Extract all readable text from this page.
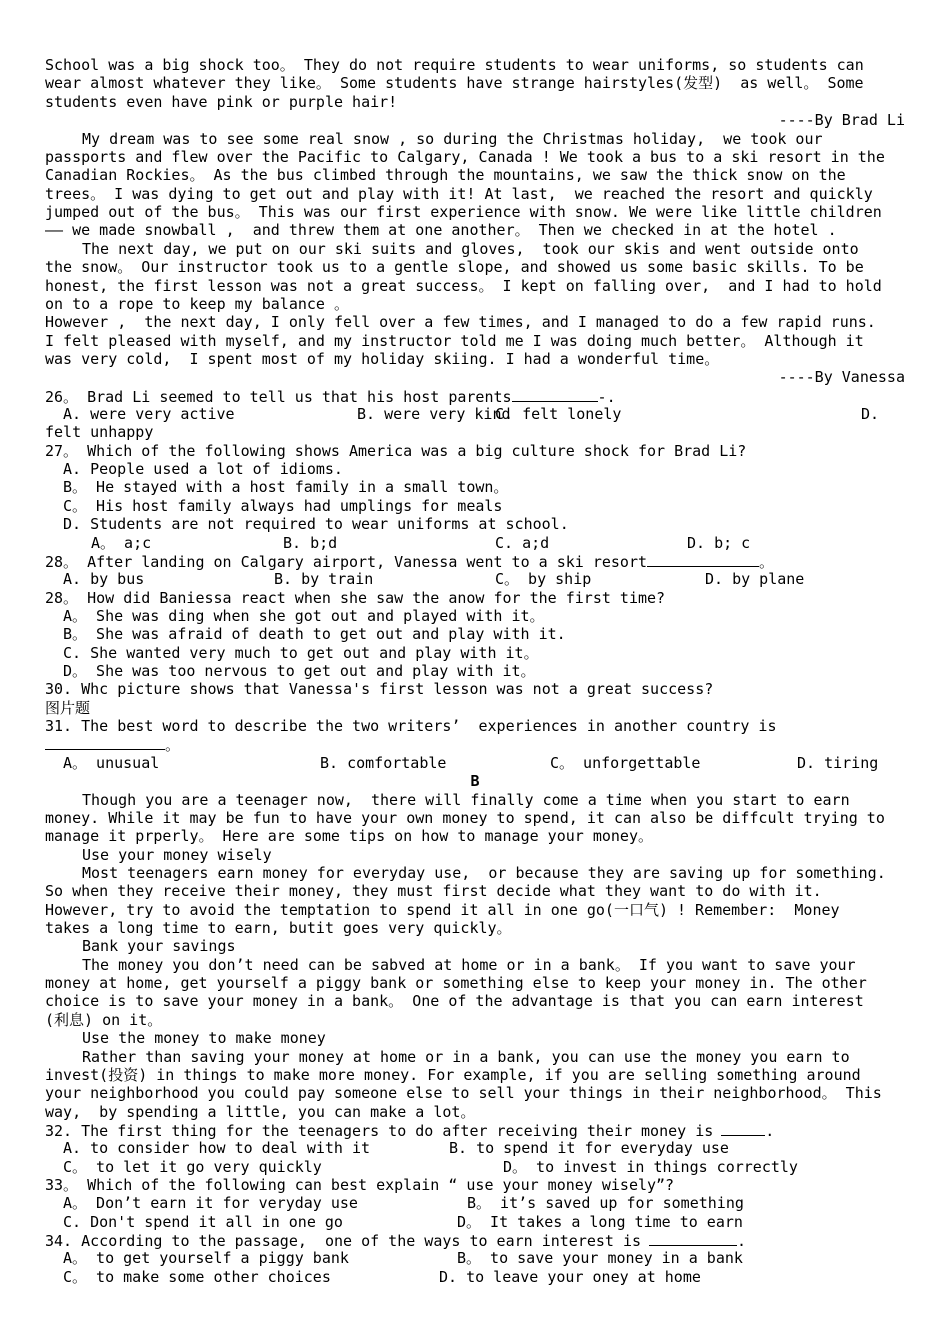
School was a big shock too。 They do not require students to wear uniforms, so students can
wear almost whatever they like。 Some students have strange hairstyles(发型)  as well。 Some
students even have pink or purple hair!
----By Brad Li
My dream was to see some real snow , so during the Christmas holiday,  we took our
passports and flew over the Pacific to Calgary, Canada ! We took a bus to a ski resort in the
Canadian Rockies。 As the bus climbed through the mountains, we saw the thick snow on the
trees。 I was dying to get out and play with it! At last,  we reached the resort and quickly
jumped out of the bus。 This was our first experience with snow. We were like little children
—— we made snowball ,  and threw them at one another。 Then we checked in at the hotel .
The next day, we put on our ski suits and gloves,  took our skis and went outside onto
the snow。 Our instructor took us to a gentle slope, and showed us some basic skills. To be
honest, the first lesson was not a great success。 I kept on falling over,  and I had to hold
on to a rope to keep my balance 。
However ,  the next day, I only fell over a few times, and I managed to do a few rapid runs.
I felt pleased with myself, and my instructor told me I was doing much better。 Although it
was very cold,  I spent most of my holiday skiing. I had a wonderful time。
----By Vanessa
26。 Brad Li seemed to tell us that his host parents	-.
A. were very active	B. were very kind
C. felt lonely	D.
felt unhappy
27。 Which of the following shows America was a big culture shock for Brad Li?
A. People used a lot of idioms.
B。 He stayed with a host family in a small town。
C。 His host family always had umplings for meals
D. Students are not required to wear uniforms at school.
A。 a;c	B. b;d	C. a;d	D. b; c
28。 After landing on Calgary airport, Vanessa went to a ski resort	。
A. by bus	B. by train	C。 by ship	D. by plane
28。 How did Baniessa react when she saw the anow for the first time?
A。 She was ding when she got out and played with it。
B。 She was afraid of death to get out and play with it.
C. She wanted very much to get out and play with it。
D。 She was too nervous to get out and play with it。
30. Whc picture shows that Vanessa's first lesson was not a great success?
图片题
31. The best word to describe the two writers’  experiences in another country is
。
A。 unusual	B. comfortable	C。 unforgettable	D. tiring
B
Though you are a teenager now,  there will finally come a time when you start to earn
money. While it may be fun to have your own money to spend, it can also be diffcult trying to
manage it prperly。 Here are some tips on how to manage your money。
Use your money wisely
Most teenagers earn money for everyday use,  or because they are saving up for something.
So when they receive their money, they must first decide what they want to do with it.
However, try to avoid the temptation to spend it all in one go(一口气) ! Remember:  Money
takes a long time to earn, butit goes very quickly。
Bank your savings
The money you don’t need can be sabved at home or in a bank。 If you want to save your
money at home, get yourself a piggy bank or something else to keep your money in. The other
choice is to save your money in a bank。 One of the advantage is that you can earn interest
(利息) on it。
Use the money to make money
Rather than saving your money at home or in a bank, you can use the money you earn to
invest(投资) in things to make more money. For example, if you are selling something around
your neighborhood you could pay someone else to sell your things in their neighborhood。 This
way,  by spending a little, you can make a lot。
32. The first thing for the teenagers to do after receiving their money is	.
A. to consider how to deal with it	B. to spend it for everyday use
C。 to let it go very quickly	D。 to invest in things correctly
33。 Which of the following can best explain “ use your money wisely”?
A。 Don’t earn it for veryday use	B。 it’s saved up for something
C. Don't spend it all in one go	D。 It takes a long time to earn
34. According to the passage,  one of the ways to earn interest is	.
A。 to get yourself a piggy bank	B。 to save your money in a bank
C。 to make some other choices	D. to leave your oney at home
